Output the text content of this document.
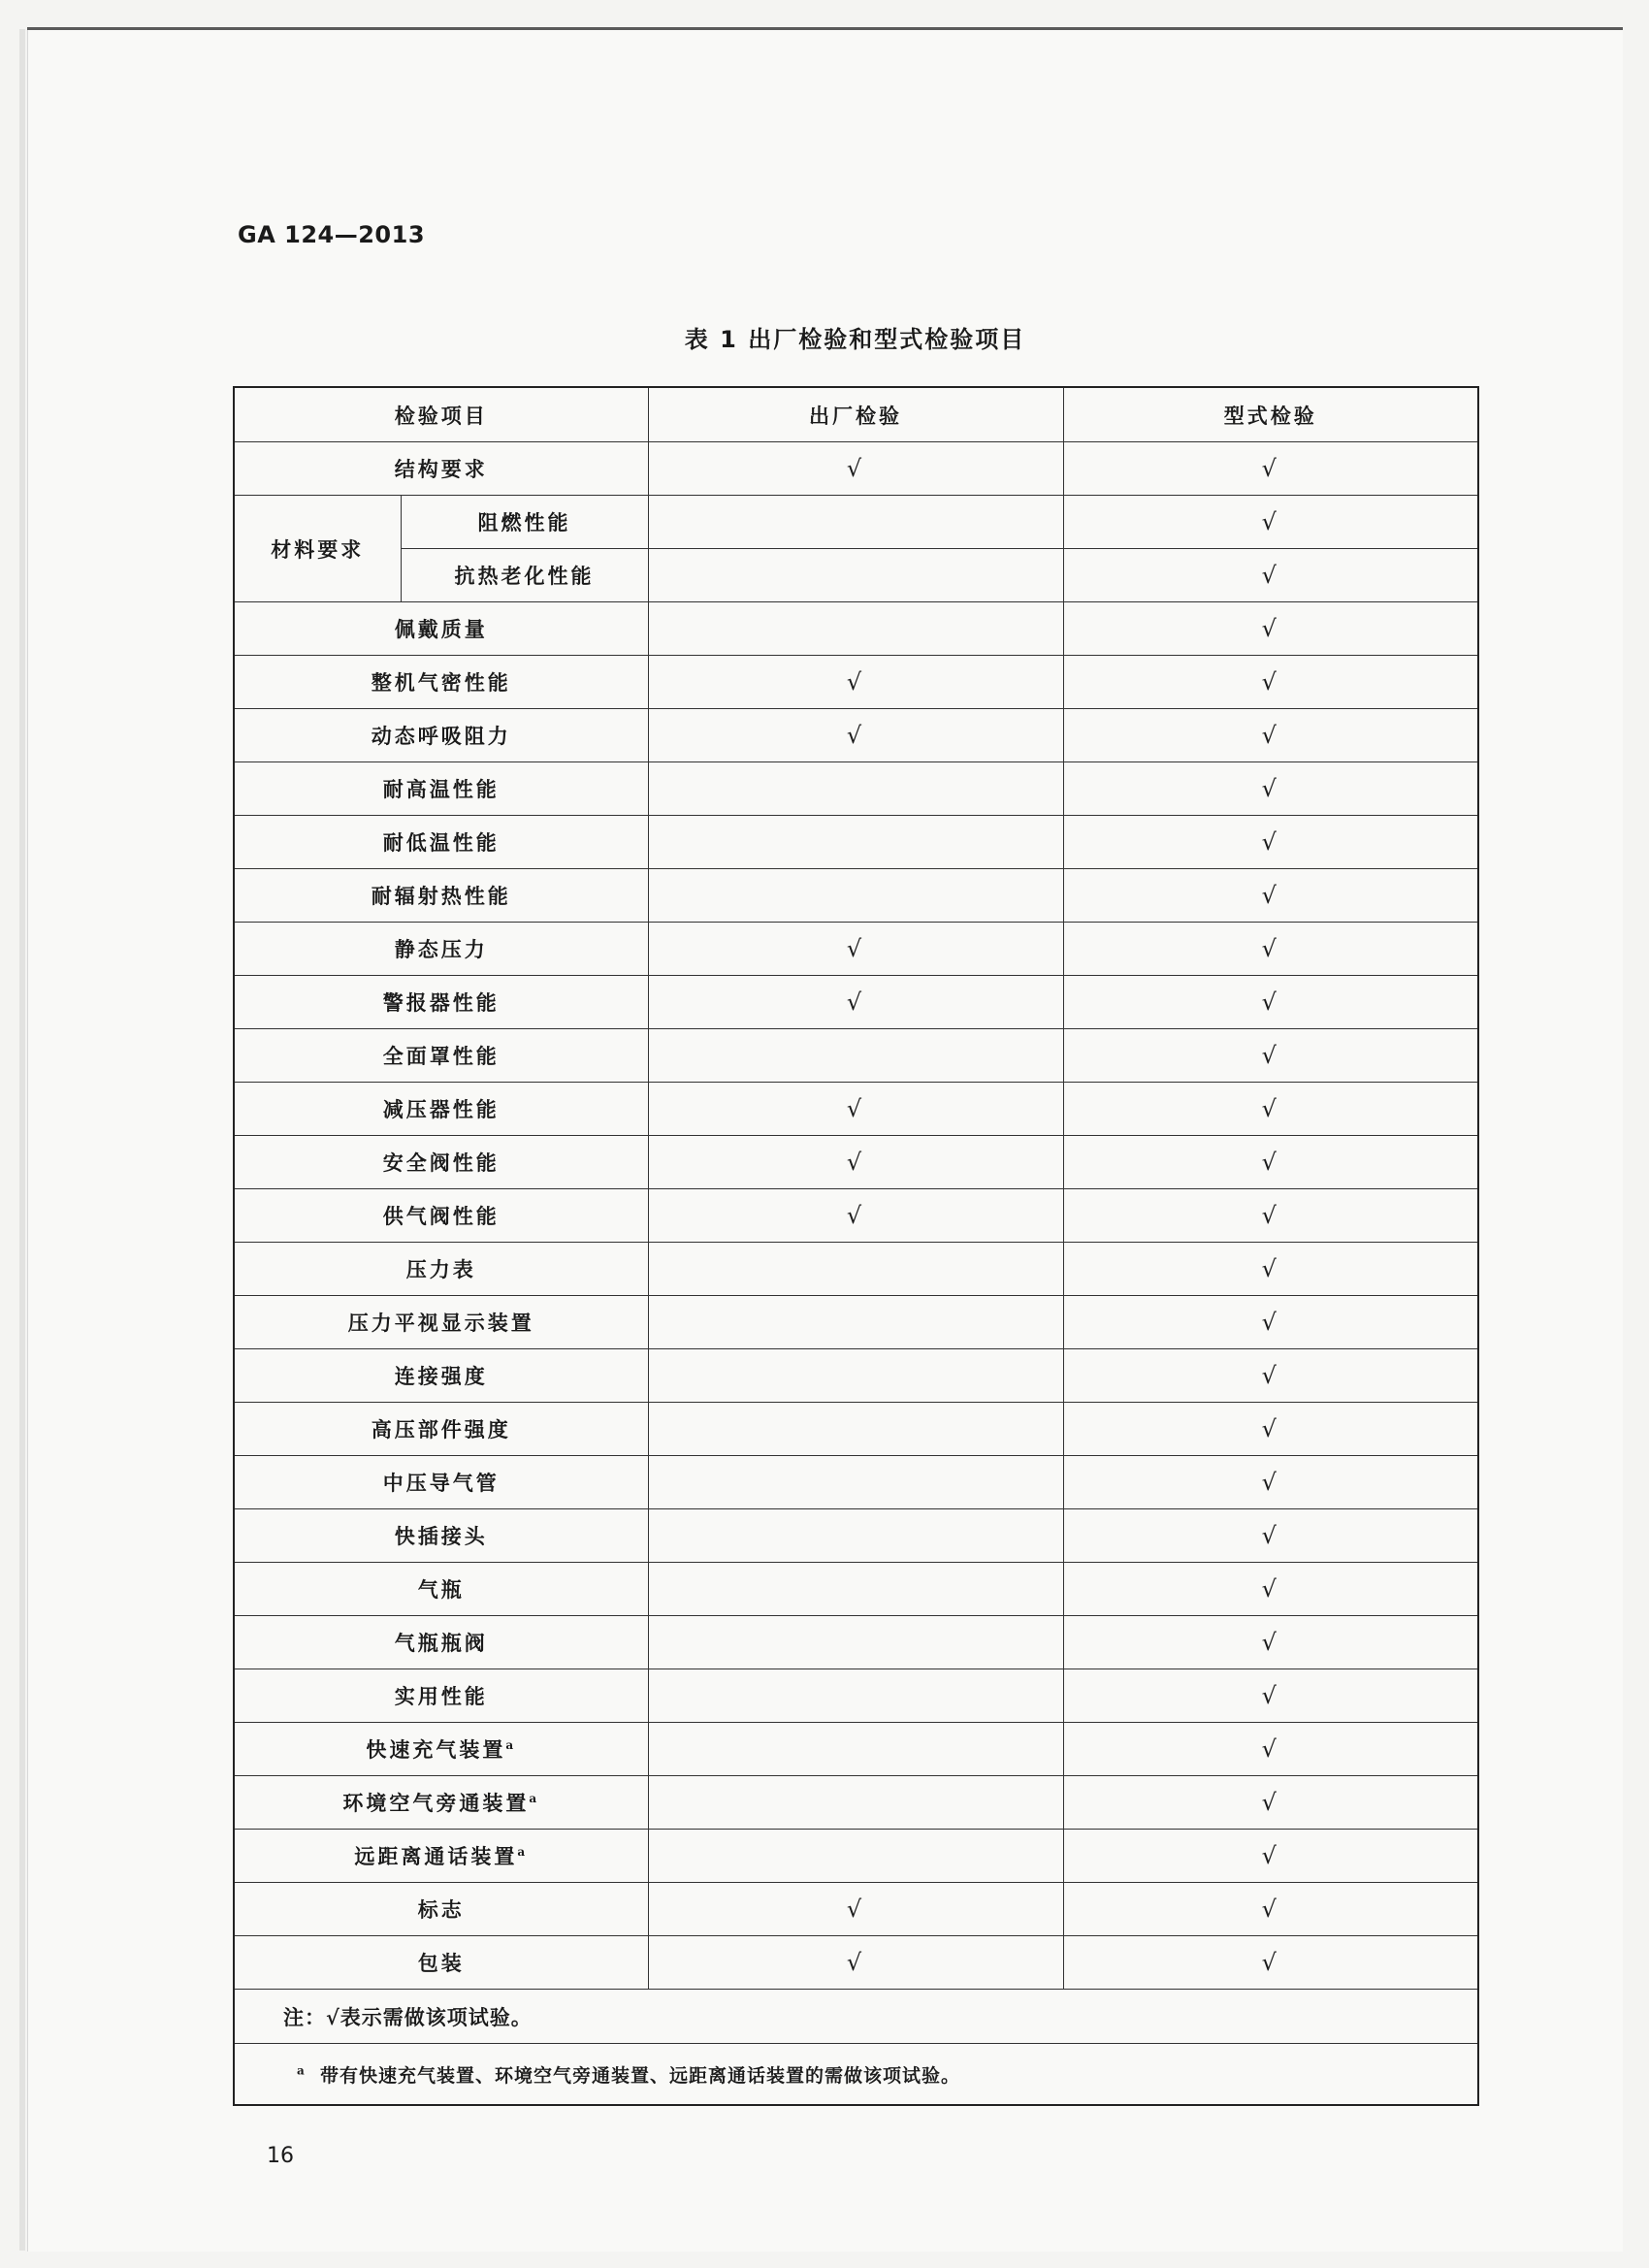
GA 124—2013
表 1 出厂检验和型式检验项目
检验项目		出厂检验	型式检验
结构要求		√	√
材料要求	阻燃性能		√
	抗热老化性能		√
佩戴质量			√
整机气密性能		√	√
动态呼吸阻力		√	√
耐高温性能			√
耐低温性能			√
耐辐射热性能			√
静态压力		√	√
警报器性能		√	√
全面罩性能			√
减压器性能		√	√
安全阀性能		√	√
供气阀性能		√	√
压力表			√
压力平视显示装置			√
连接强度			√
高压部件强度			√
中压导气管			√
快插接头			√
气瓶			√
气瓶瓶阀			√
实用性能			√
快速充气装置$^a$			√
环境空气旁通装置$^a$			√
远距离通话装置$^a$			√
标志		√	√
包装		√	√
注：√表示需做该项试验。			
$^a$ 带有快速充气装置、环境空气旁通装置、远距离通话装置的需做该项试验。			
16
